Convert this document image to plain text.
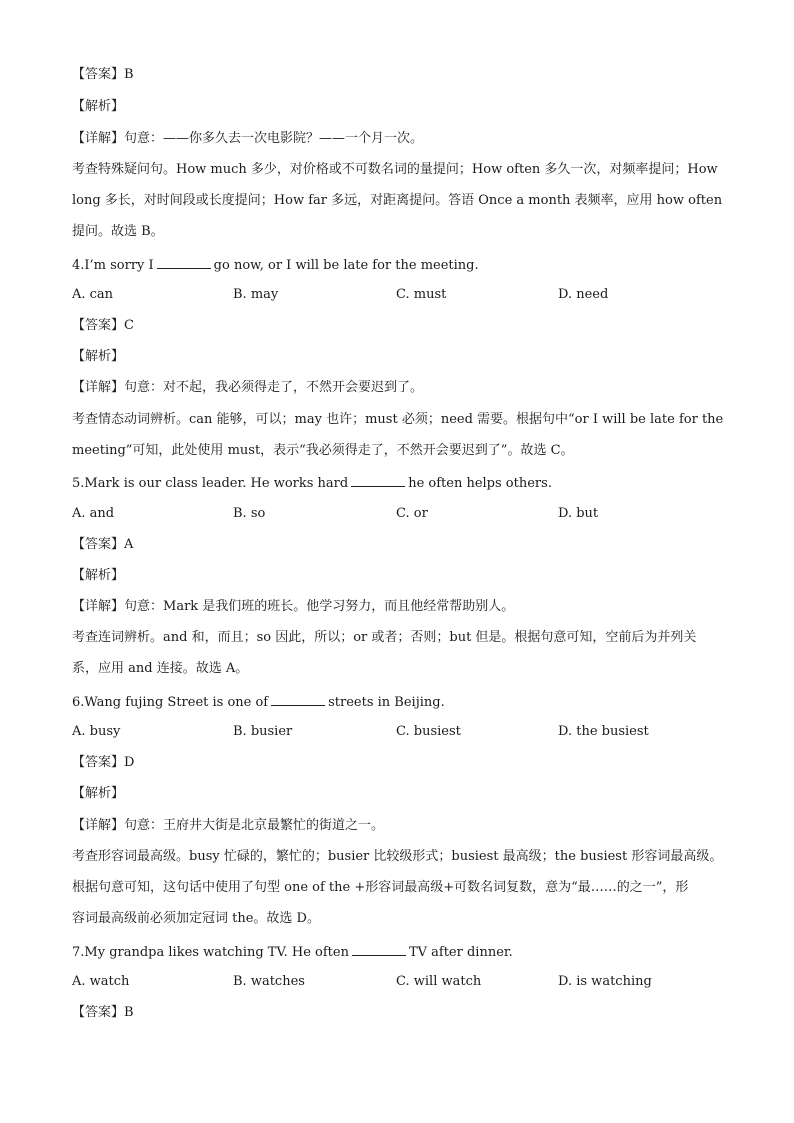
【答案】B
【解析】
【详解】句意：——你多久去一次电影院？——一个月一次。
考查特殊疑问句。How much 多少，对价格或不可数名词的量提问；How often 多久一次，对频率提问；How
long 多长，对时间段或长度提问；How far 多远，对距离提问。答语 Once a month 表频率，应用 how often
提问。故选 B。
4.I’m sorry I	go now, or I will be late for the meeting.
A. can	B. may	C. must	D. need
【答案】C
【解析】
【详解】句意：对不起，我必须得走了，不然开会要迟到了。
考查情态动词辨析。can 能够，可以；may 也许；must 必须；need 需要。根据句中“or I will be late for the
meeting”可知，此处使用 must，表示“我必须得走了，不然开会要迟到了”。故选 C。
5.Mark is our class leader. He works hard	he often helps others.
A. and	B. so	C. or	D. but
【答案】A
【解析】
【详解】句意：Mark 是我们班的班长。他学习努力，而且他经常帮助别人。
考查连词辨析。and 和，而且；so 因此，所以；or 或者；否则；but 但是。根据句意可知，空前后为并列关
系，应用 and 连接。故选 A。
6.Wang fujing Street is one of	streets in Beijing.
A. busy	B. busier	C. busiest	D. the busiest
【答案】D
【解析】
【详解】句意：王府井大街是北京最繁忙的街道之一。
考查形容词最高级。busy 忙碌的，繁忙的；busier 比较级形式；busiest 最高级；the busiest 形容词最高级。
根据句意可知，这句话中使用了句型 one of the +形容词最高级+可数名词复数，意为“最……的之一”，形
容词最高级前必须加定冠词 the。故选 D。
7.My grandpa likes watching TV. He often	TV after dinner.
A. watch	B. watches	C. will watch	D. is watching
【答案】B
